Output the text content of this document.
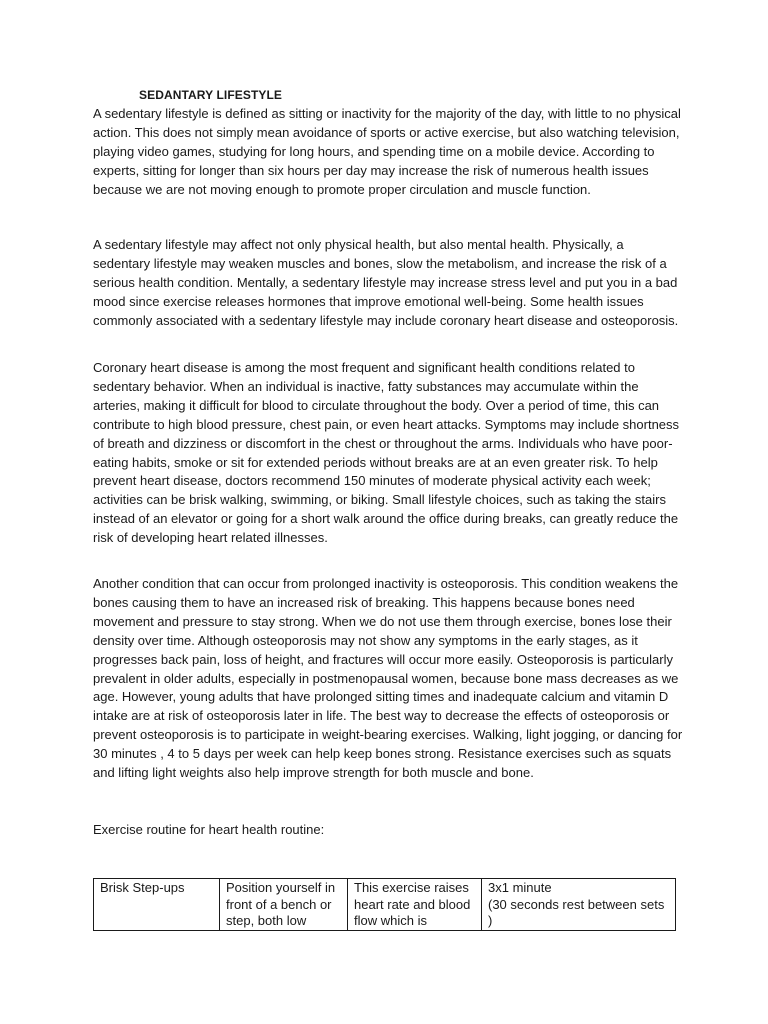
SEDANTARY LIFESTYLE

A sedentary lifestyle is defined as sitting or inactivity for the majority of the day, with little to no physical action. This does not simply mean avoidance of sports or active exercise, but also watching television, playing video games, studying for long hours, and spending time on a mobile device. According to experts, sitting for longer than six hours per day may increase the risk of numerous health issues because we are not moving enough to promote proper circulation and muscle function.

A sedentary lifestyle may affect not only physical health, but also mental health. Physically, a sedentary lifestyle may weaken muscles and bones, slow the metabolism, and increase the risk of a serious health condition. Mentally, a sedentary lifestyle may increase stress level and put you in a bad mood since exercise releases hormones that improve emotional well-being. Some health issues commonly associated with a sedentary lifestyle may include coronary heart disease and osteoporosis.

Coronary heart disease is among the most frequent and significant health conditions related to sedentary behavior. When an individual is inactive, fatty substances may accumulate within the arteries, making it difficult for blood to circulate throughout the body. Over a period of time, this can contribute to high blood pressure, chest pain, or even heart attacks. Symptoms may include shortness of breath and dizziness or discomfort in the chest or throughout the arms. Individuals who have poor-eating habits, smoke or sit for extended periods without breaks are at an even greater risk. To help prevent heart disease, doctors recommend 150 minutes of moderate physical activity each week; activities can be brisk walking, swimming, or biking. Small lifestyle choices, such as taking the stairs instead of an elevator or going for a short walk around the office during breaks, can greatly reduce the risk of developing heart related illnesses.

Another condition that can occur from prolonged inactivity is osteoporosis. This condition weakens the bones causing them to have an increased risk of breaking. This happens because bones need movement and pressure to stay strong. When we do not use them through exercise, bones lose their density over time. Although osteoporosis may not show any symptoms in the early stages, as it progresses back pain, loss of height, and fractures will occur more easily. Osteoporosis is particularly prevalent in older adults, especially in postmenopausal women, because bone mass decreases as we age. However, young adults that have prolonged sitting times and inadequate calcium and vitamin D intake are at risk of osteoporosis later in life. The best way to decrease the effects of osteoporosis or prevent osteoporosis is to participate in weight-bearing exercises. Walking, light jogging, or dancing for 30 minutes , 4 to 5 days per week can help keep bones strong. Resistance exercises such as squats and lifting light weights also help improve strength for both muscle and bone.

Exercise routine for heart health routine:

Brisk Step-ups	Position yourself in front of a bench or step, both low	This exercise raises heart rate and blood flow which is	3x1 minute
(30 seconds rest between sets )
